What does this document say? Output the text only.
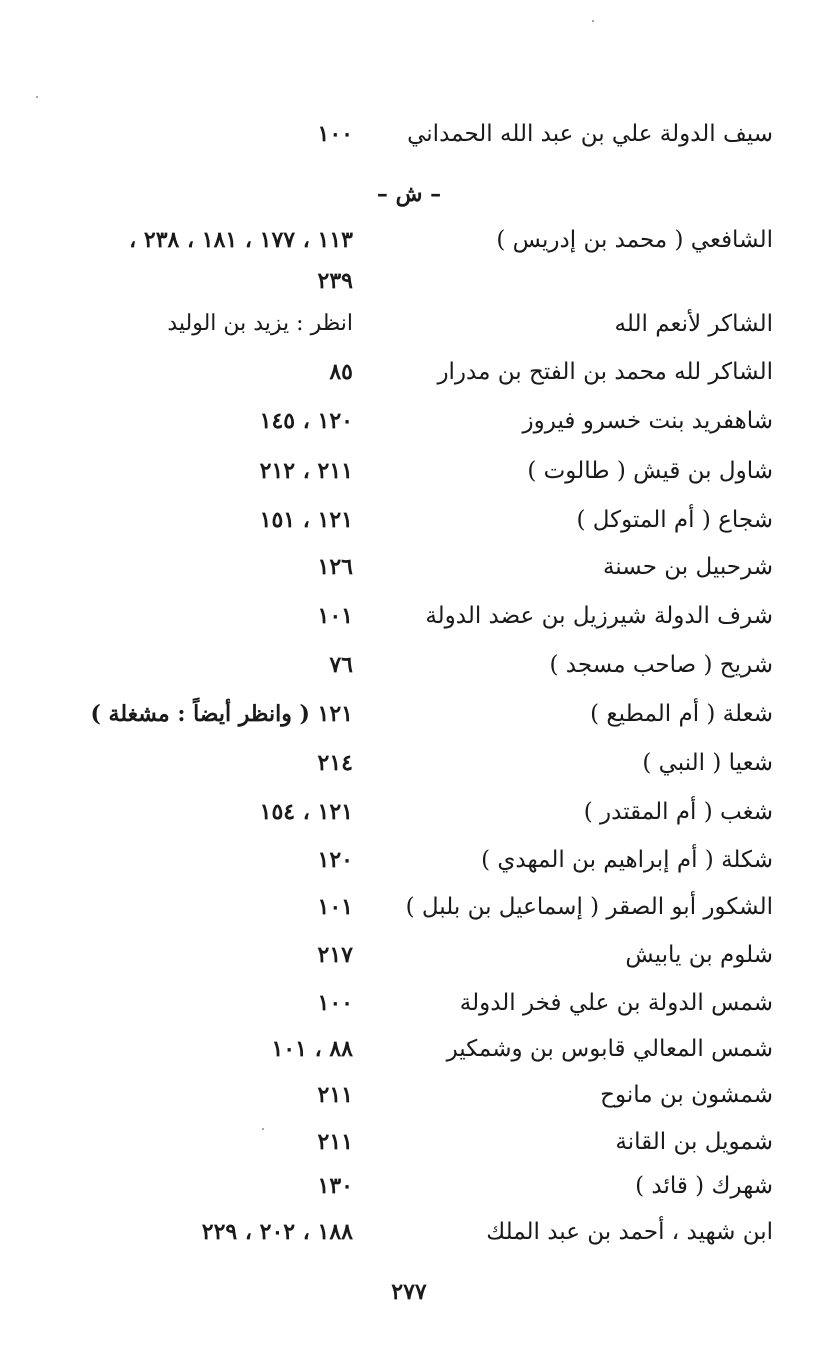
سيف الدولة علي بن عبد الله الحمداني
١٠٠
– ش –
الشافعي ( محمد بن إدريس )
١١٣ ، ١٧٧ ، ١٨١ ، ٢٣٨ ،
٢٣٩
الشاكر لأنعم الله
انظر : يزيد بن الوليد
الشاكر لله محمد بن الفتح بن مدرار
٨٥
شاهفريد بنت خسرو فيروز
١٢٠ ، ١٤٥
شاول بن قيش ( طالوت )
٢١١ ، ٢١٢
شجاع ( أم المتوكل )
١٢١ ، ١٥١
شرحبيل بن حسنة
١٢٦
شرف الدولة شيرزيل بن عضد الدولة
١٠١
شريح ( صاحب مسجد )
٧٦
شعلة ( أم المطيع )
١٢١ ( وانظر أيضاً : مشغلة )
شعيا ( النبي )
٢١٤
شغب ( أم المقتدر )
١٢١ ، ١٥٤
شكلة ( أم إبراهيم بن المهدي )
١٢٠
الشكور أبو الصقر ( إسماعيل بن بلبل )
١٠١
شلوم بن يابيش
٢١٧
شمس الدولة بن علي فخر الدولة
١٠٠
شمس المعالي قابوس بن وشمكير
٨٨ ، ١٠١
شمشون بن مانوح
٢١١
شمويل بن القانة
٢١١
شهرك ( قائد )
١٣٠
ابن شهيد ، أحمد بن عبد الملك
١٨٨ ، ٢٠٢ ، ٢٢٩
٢٧٧
